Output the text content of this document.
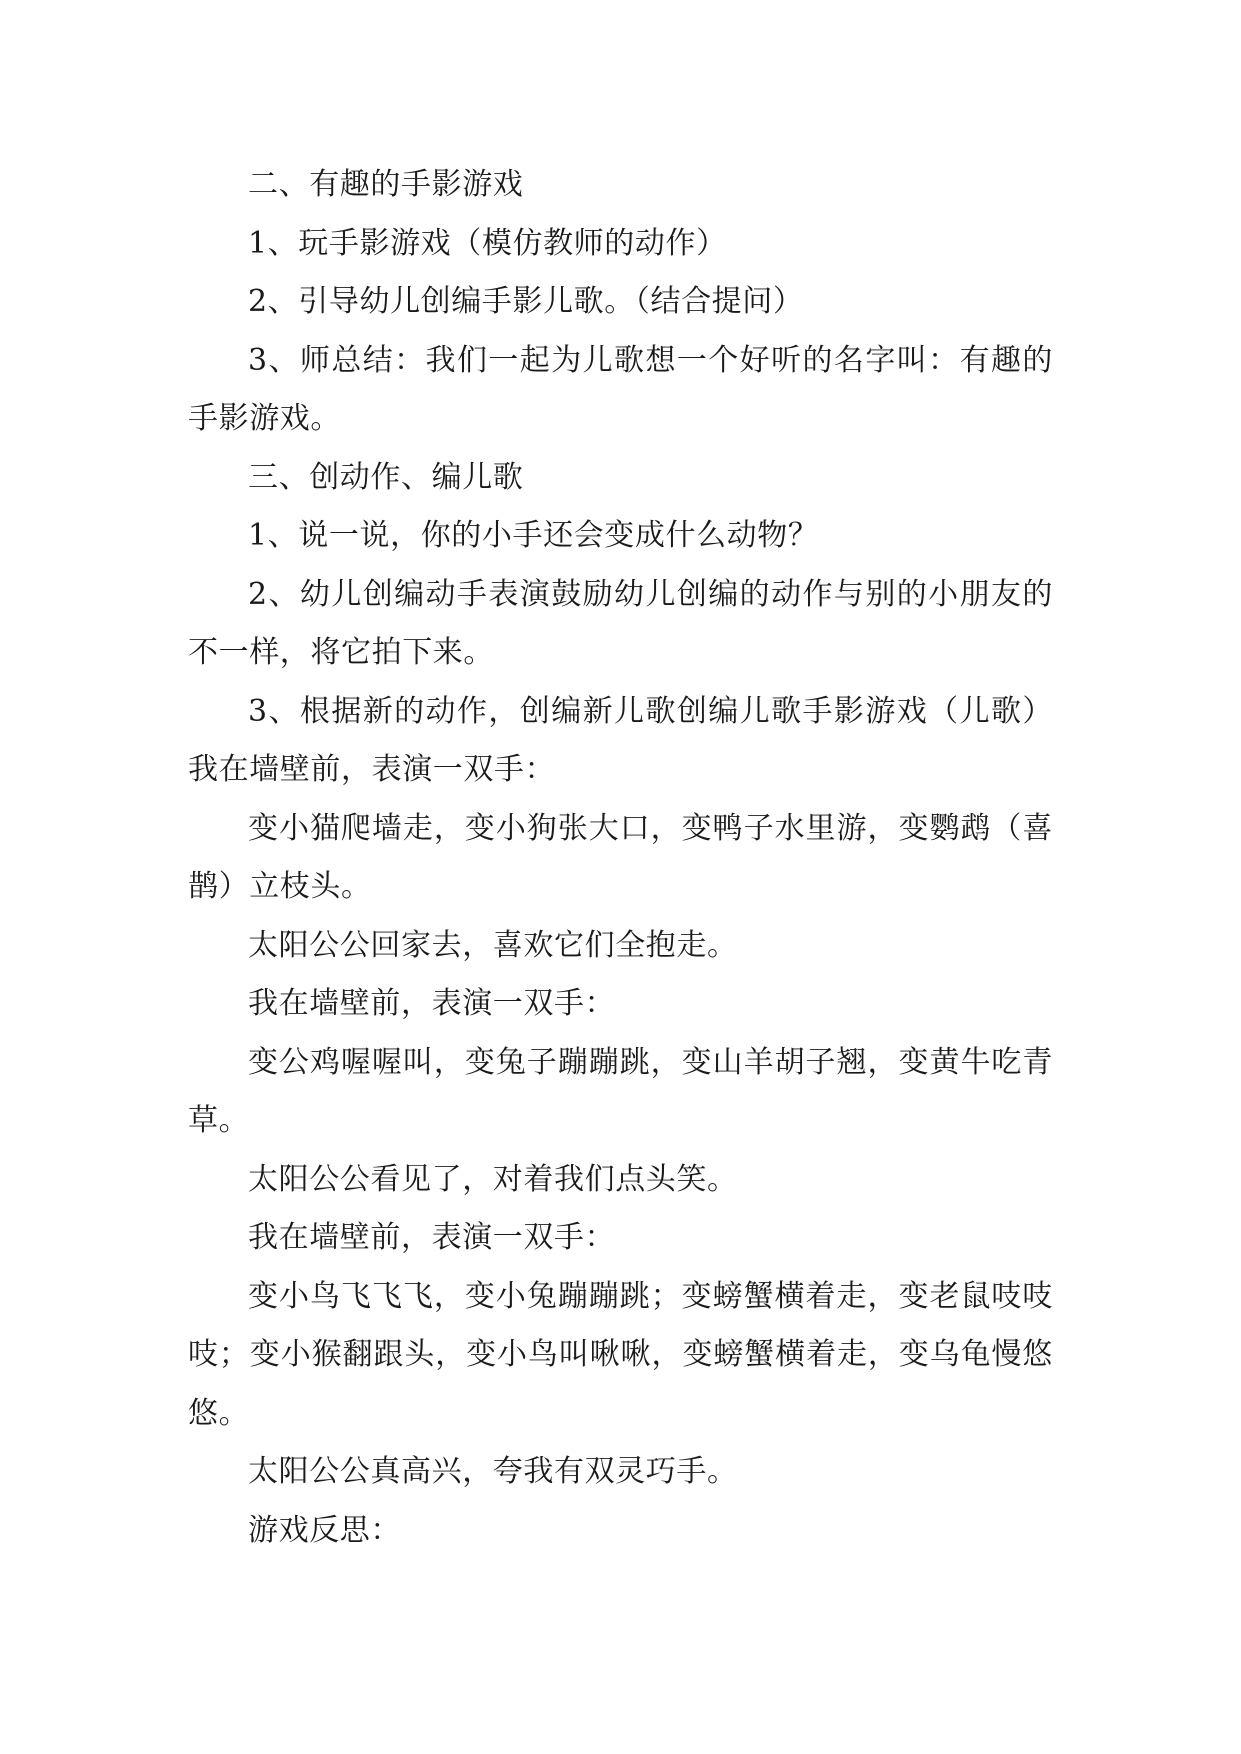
二、有趣的手影游戏

1、玩手影游戏（模仿教师的动作）

2、引导幼儿创编手影儿歌。（结合提问）

3、师总结：我们一起为儿歌想一个好听的名字叫：有趣的手影游戏。

三、创动作、编儿歌

1、说一说，你的小手还会变成什么动物？

2、幼儿创编动手表演鼓励幼儿创编的动作与别的小朋友的不一样，将它拍下来。

3、根据新的动作，创编新儿歌创编儿歌手影游戏（儿歌）我在墙壁前，表演一双手：

变小猫爬墙走，变小狗张大口，变鸭子水里游，变鹦鹉（喜鹊）立枝头。

太阳公公回家去，喜欢它们全抱走。

我在墙壁前，表演一双手：

变公鸡喔喔叫，变兔子蹦蹦跳，变山羊胡子翘，变黄牛吃青草。

太阳公公看见了，对着我们点头笑。

我在墙壁前，表演一双手：

变小鸟飞飞飞，变小兔蹦蹦跳；变螃蟹横着走，变老鼠吱吱吱；变小猴翻跟头，变小鸟叫啾啾，变螃蟹横着走，变乌龟慢悠悠。

太阳公公真高兴，夸我有双灵巧手。

游戏反思：
